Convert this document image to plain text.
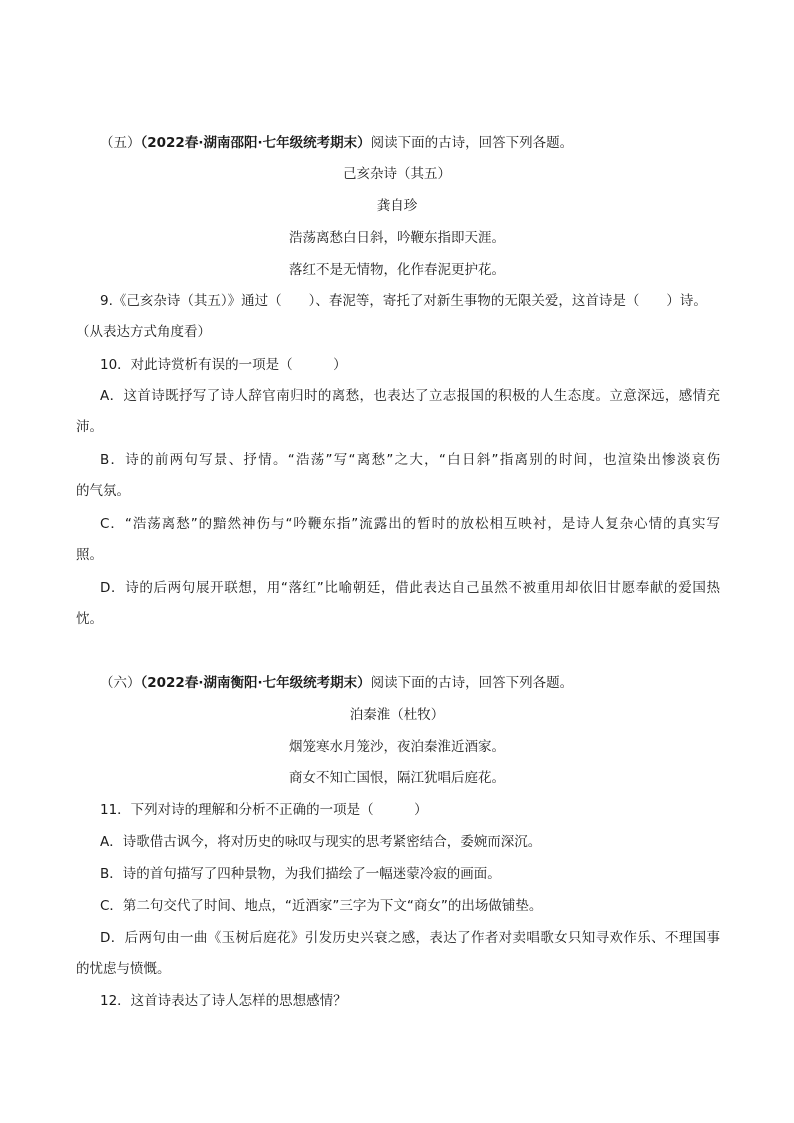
（五）（2022春·湖南邵阳·七年级统考期末）阅读下面的古诗，回答下列各题。
己亥杂诗（其五）
龚自珍
浩荡离愁白日斜，吟鞭东指即天涯。
落红不是无情物，化作春泥更护花。
9.《己亥杂诗（其五）》通过（　　）、春泥等，寄托了对新生事物的无限关爱，这首诗是（　　）诗。
（从表达方式角度看）
10．对此诗赏析有误的一项是（　　　）
A．这首诗既抒写了诗人辞官南归时的离愁，也表达了立志报国的积极的人生态度。立意深远，感情充
沛。
B．诗的前两句写景、抒情。“浩荡”写“离愁”之大，“白日斜”指离别的时间，也渲染出惨淡哀伤
的气氛。
C．“浩荡离愁”的黯然神伤与“吟鞭东指”流露出的暂时的放松相互映衬，是诗人复杂心情的真实写
照。
D．诗的后两句展开联想，用“落红”比喻朝廷，借此表达自己虽然不被重用却依旧甘愿奉献的爱国热
忱。
（六）（2022春·湖南衡阳·七年级统考期末）阅读下面的古诗，回答下列各题。
泊秦淮（杜牧）
烟笼寒水月笼沙，夜泊秦淮近酒家。
商女不知亡国恨，隔江犹唱后庭花。
11．下列对诗的理解和分析不正确的一项是（　　　）
A．诗歌借古讽今，将对历史的咏叹与现实的思考紧密结合，委婉而深沉。
B．诗的首句描写了四种景物，为我们描绘了一幅迷蒙冷寂的画面。
C．第二句交代了时间、地点，“近酒家”三字为下文“商女”的出场做铺垫。
D．后两句由一曲《玉树后庭花》引发历史兴衰之感，表达了作者对卖唱歌女只知寻欢作乐、不理国事
的忧虑与愤慨。
12．这首诗表达了诗人怎样的思想感情？
